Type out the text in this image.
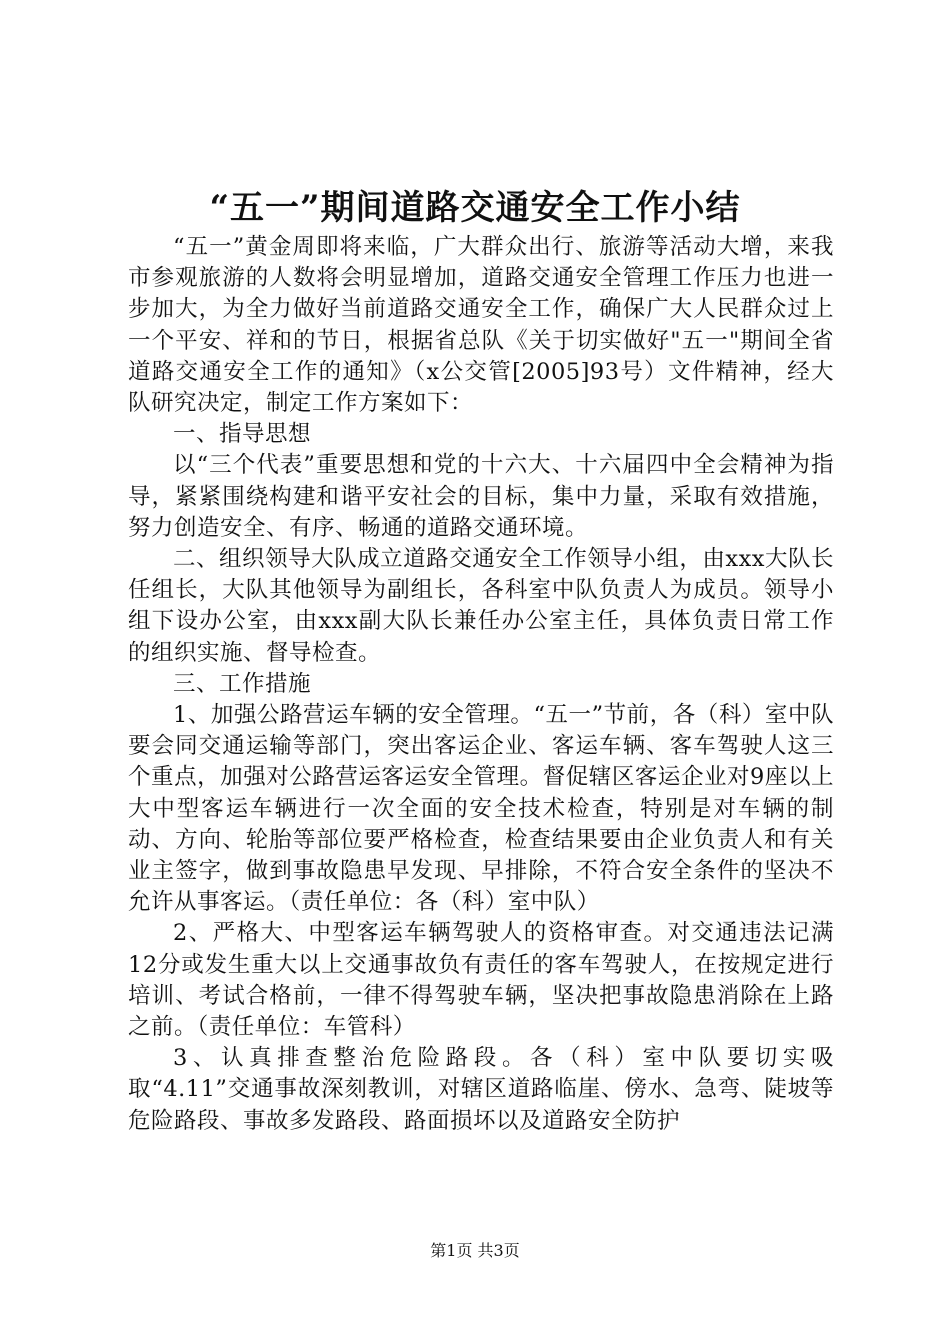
“五一”期间道路交通安全工作小结

“五一”黄金周即将来临，广大群众出行、旅游等活动大增，来我市参观旅游的人数将会明显增加，道路交通安全管理工作压力也进一步加大，为全力做好当前道路交通安全工作，确保广大人民群众过上一个平安、祥和的节日，根据省总队《关于切实做好"五一"期间全省道路交通安全工作的通知》（x公交管[2005]93号）文件精神，经大队研究决定，制定工作方案如下：

一、指导思想

以“三个代表”重要思想和党的十六大、十六届四中全会精神为指导，紧紧围绕构建和谐平安社会的目标，集中力量，采取有效措施，努力创造安全、有序、畅通的道路交通环境。

二、组织领导大队成立道路交通安全工作领导小组，由xxx大队长任组长，大队其他领导为副组长，各科室中队负责人为成员。领导小组下设办公室，由xxx副大队长兼任办公室主任，具体负责日常工作的组织实施、督导检查。

三、工作措施

1、加强公路营运车辆的安全管理。“五一”节前，各（科）室中队要会同交通运输等部门，突出客运企业、客运车辆、客车驾驶人这三个重点，加强对公路营运客运安全管理。督促辖区客运企业对9座以上大中型客运车辆进行一次全面的安全技术检查，特别是对车辆的制动、方向、轮胎等部位要严格检查，检查结果要由企业负责人和有关业主签字，做到事故隐患早发现、早排除，不符合安全条件的坚决不允许从事客运。（责任单位：各（科）室中队）

2、严格大、中型客运车辆驾驶人的资格审查。对交通违法记满12分或发生重大以上交通事故负有责任的客车驾驶人，在按规定进行培训、考试合格前，一律不得驾驶车辆，坚决把事故隐患消除在上路之前。（责任单位：车管科）

3、认真排查整治危险路段。各（科）室中队要切实吸取“4.11”交通事故深刻教训，对辖区道路临崖、傍水、急弯、陡坡等危险路段、事故多发路段、路面损坏以及道路安全防护

第1页 共3页
